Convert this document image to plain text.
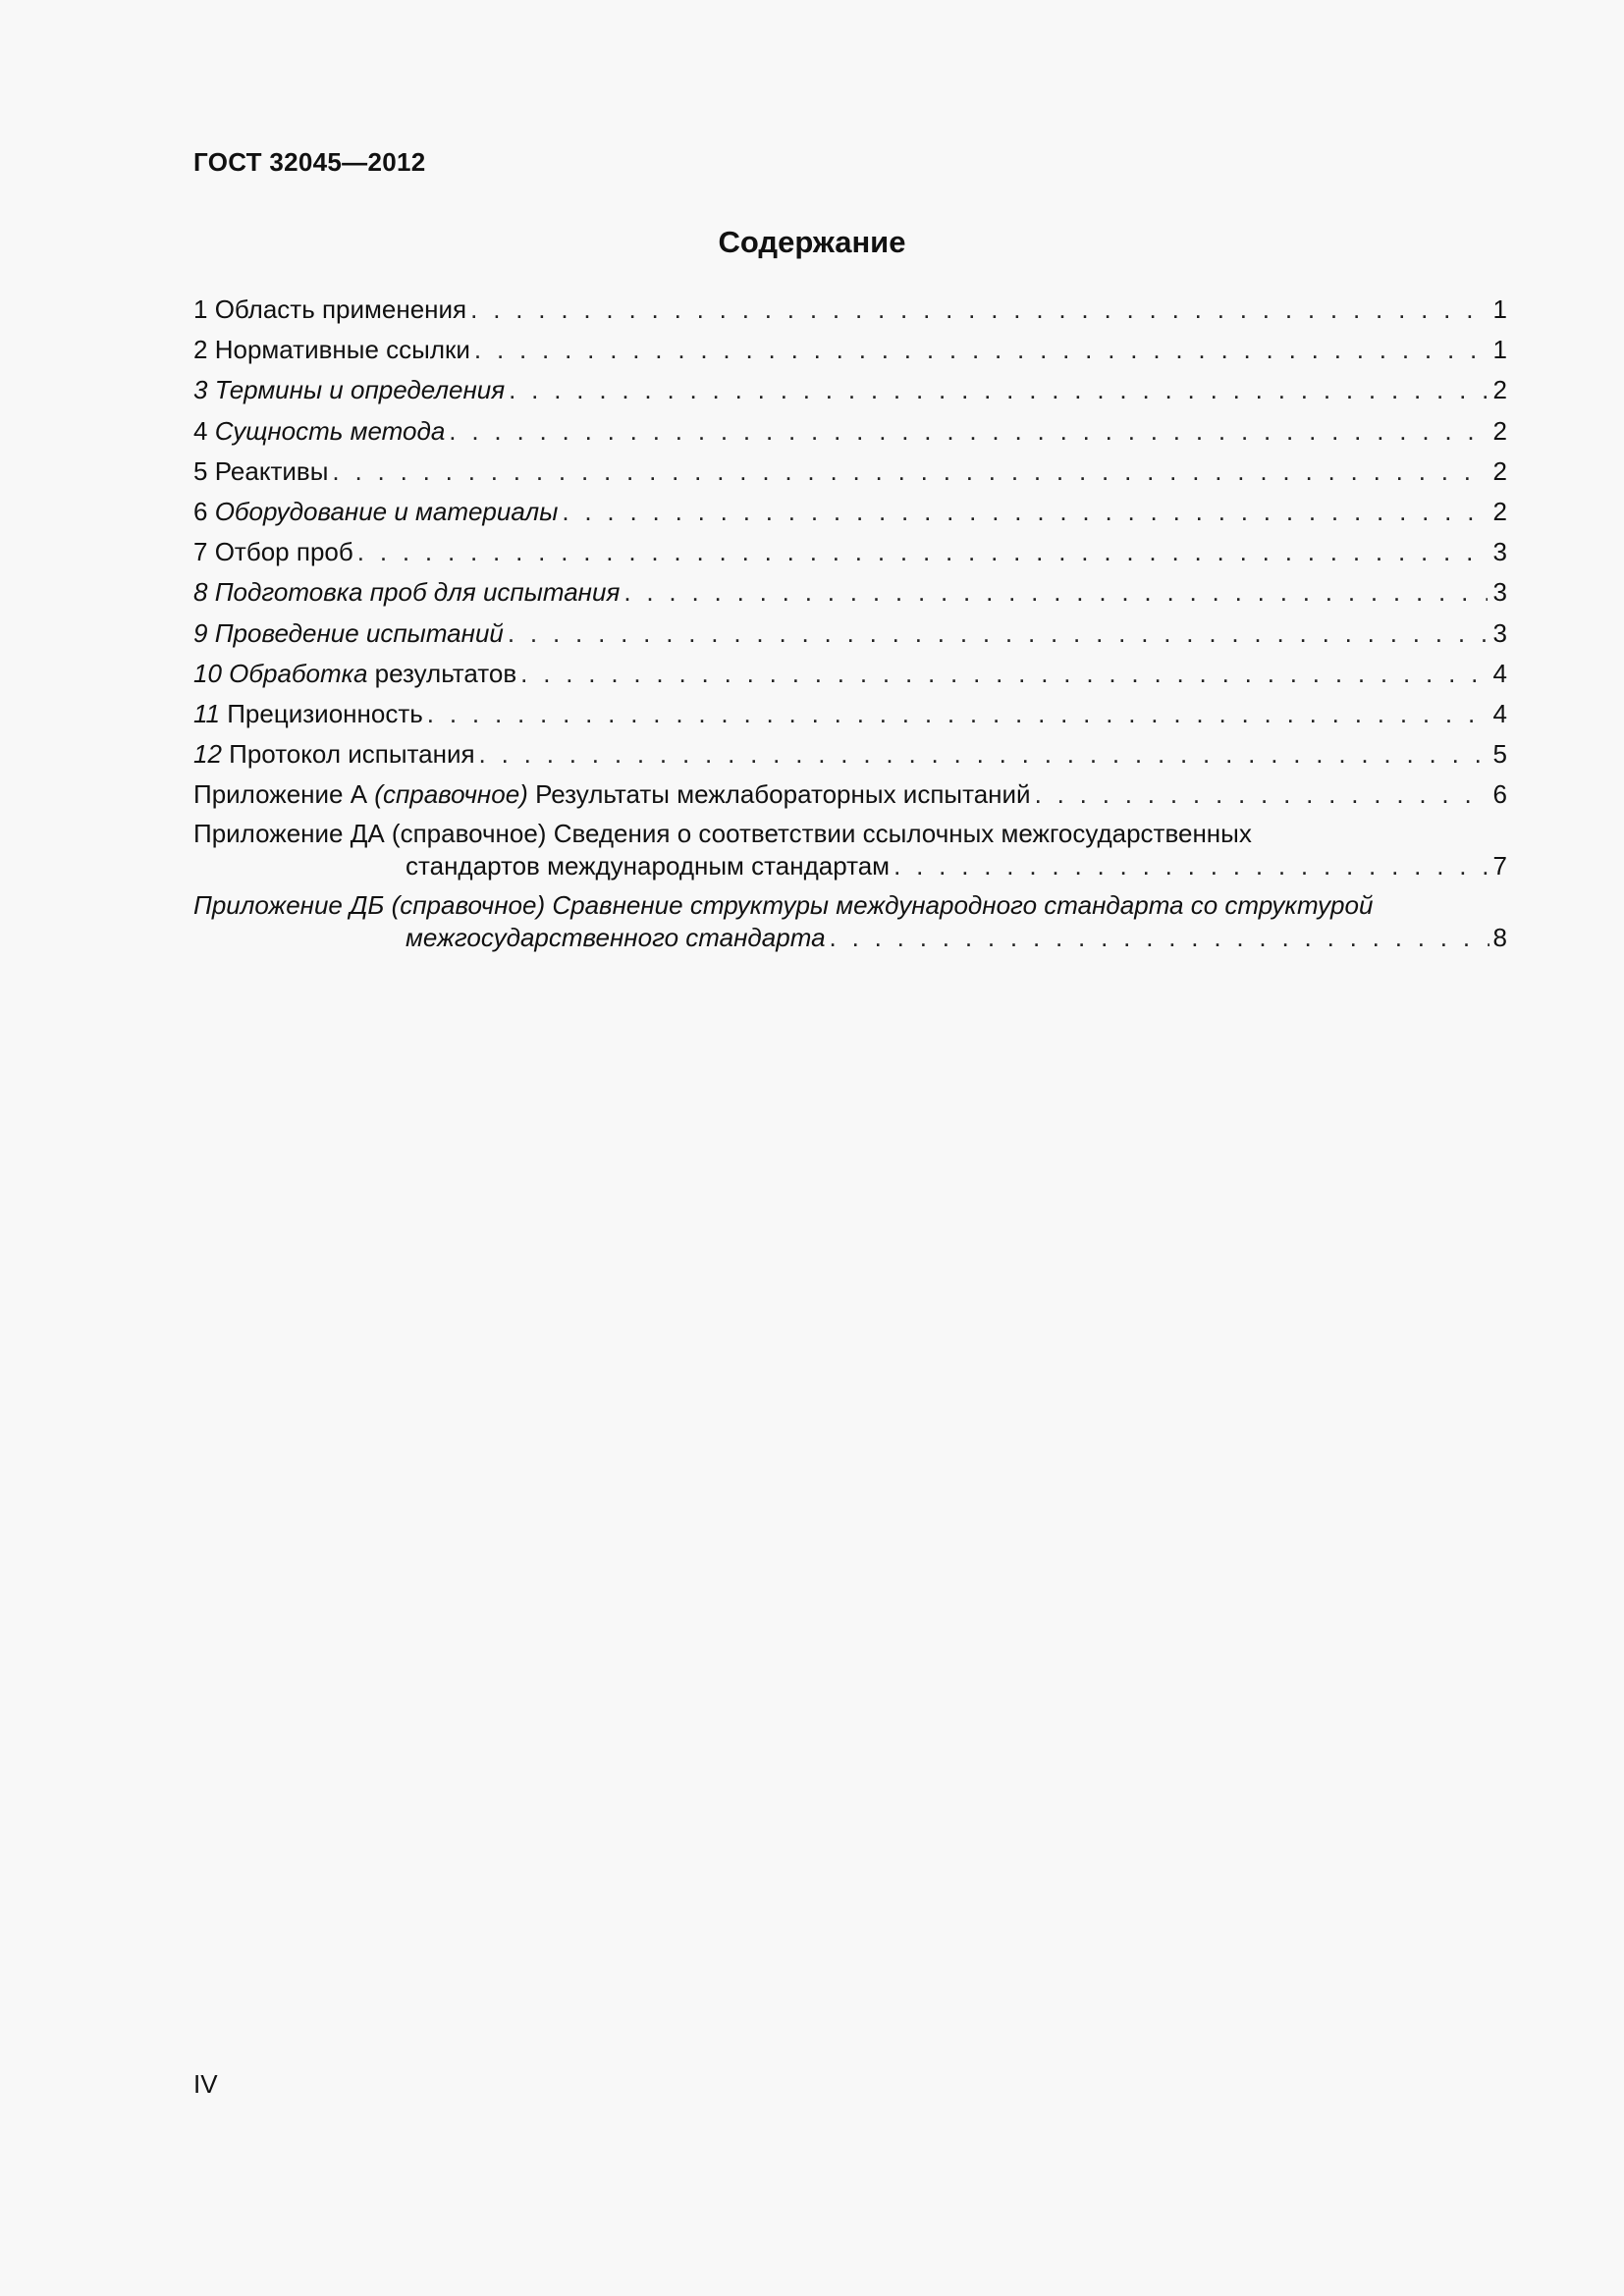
ГОСТ 32045—2012
Содержание
1 Область применения . . .	1
2 Нормативные ссылки . . .	1
3 Термины и определения . . .	2
4 Сущность метода . . .	2
5 Реактивы . . .	2
6 Оборудование и материалы . . .	2
7 Отбор проб . . .	3
8 Подготовка проб для испытания . . .	3
9 Проведение испытаний . . .	3
10 Обработка результатов . . .	4
11 Прецизионность . . .	4
12 Протокол испытания . . .	5
Приложение А (справочное) Результаты межлабораторных испытаний . . .	6
Приложение ДА (справочное) Сведения о соответствии ссылочных межгосударственных
стандартов международным стандартам . . .	7
Приложение ДБ (справочное) Сравнение структуры международного стандарта со структурой
межгосударственного стандарта . . .	8
IV
